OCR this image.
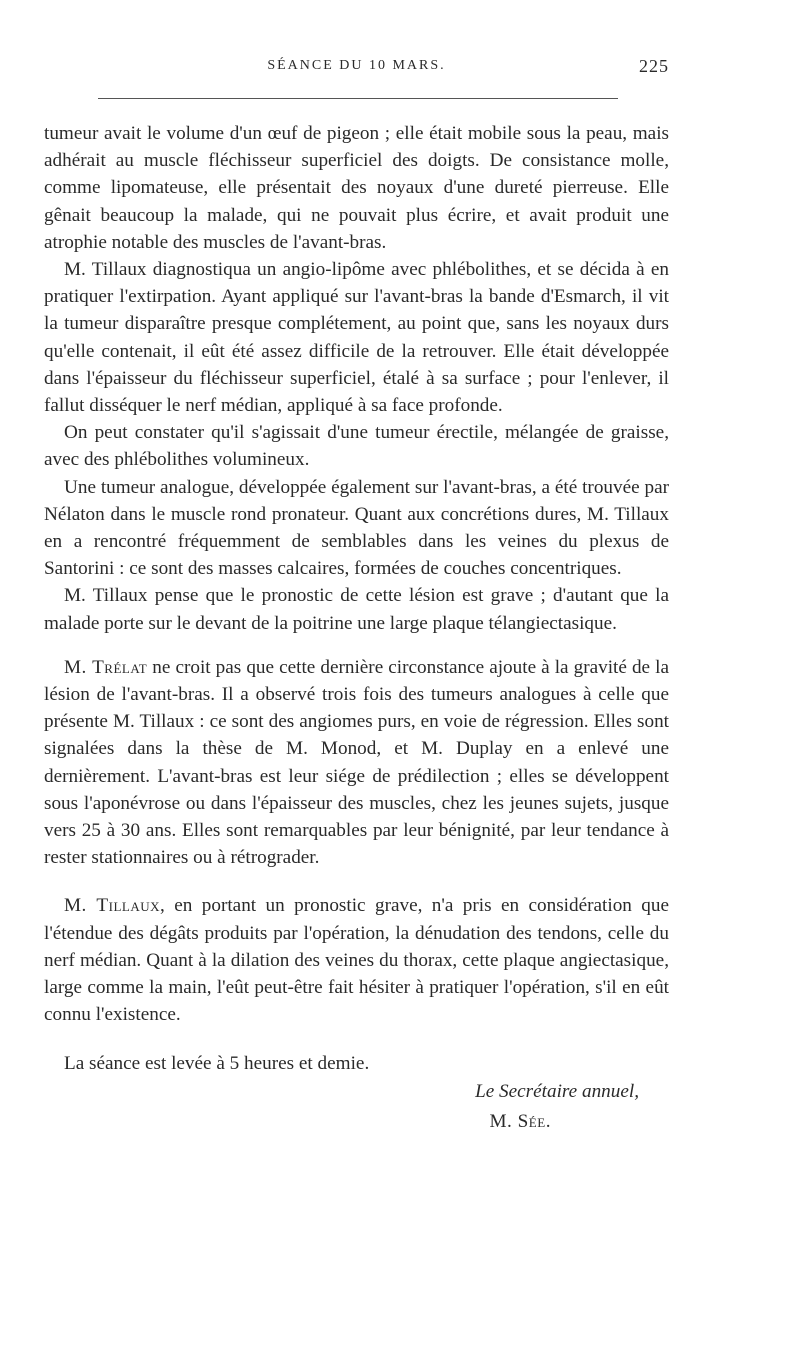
SÉANCE DU 10 MARS.	225

tumeur avait le volume d'un œuf de pigeon ; elle était mobile sous la peau, mais adhérait au muscle fléchisseur superficiel des doigts. De consistance molle, comme lipomateuse, elle présentait des noyaux d'une dureté pierreuse. Elle gênait beaucoup la malade, qui ne pouvait plus écrire, et avait produit une atrophie notable des muscles de l'avant-bras.

M. Tillaux diagnostiqua un angio-lipôme avec phlébolithes, et se décida à en pratiquer l'extirpation. Ayant appliqué sur l'avant-bras la bande d'Esmarch, il vit la tumeur disparaître presque complétement, au point que, sans les noyaux durs qu'elle contenait, il eût été assez difficile de la retrouver. Elle était développée dans l'épaisseur du fléchisseur superficiel, étalé à sa surface ; pour l'enlever, il fallut disséquer le nerf médian, appliqué à sa face profonde.

On peut constater qu'il s'agissait d'une tumeur érectile, mélangée de graisse, avec des phlébolithes volumineux.

Une tumeur analogue, développée également sur l'avant-bras, a été trouvée par Nélaton dans le muscle rond pronateur. Quant aux concrétions dures, M. Tillaux en a rencontré fréquemment de semblables dans les veines du plexus de Santorini : ce sont des masses calcaires, formées de couches concentriques.

M. Tillaux pense que le pronostic de cette lésion est grave ; d'autant que la malade porte sur le devant de la poitrine une large plaque télangiectasique.

M. Trélat ne croit pas que cette dernière circonstance ajoute à la gravité de la lésion de l'avant-bras. Il a observé trois fois des tumeurs analogues à celle que présente M. Tillaux : ce sont des angiomes purs, en voie de régression. Elles sont signalées dans la thèse de M. Monod, et M. Duplay en a enlevé une dernièrement. L'avant-bras est leur siége de prédilection ; elles se développent sous l'aponévrose ou dans l'épaisseur des muscles, chez les jeunes sujets, jusque vers 25 à 30 ans. Elles sont remarquables par leur bénignité, par leur tendance à rester stationnaires ou à rétrograder.

M. Tillaux, en portant un pronostic grave, n'a pris en considération que l'étendue des dégâts produits par l'opération, la dénudation des tendons, celle du nerf médian. Quant à la dilation des veines du thorax, cette plaque angiectasique, large comme la main, l'eût peut-être fait hésiter à pratiquer l'opération, s'il en eût connu l'existence.

La séance est levée à 5 heures et demie.

Le Secrétaire annuel,
M. Sée.
